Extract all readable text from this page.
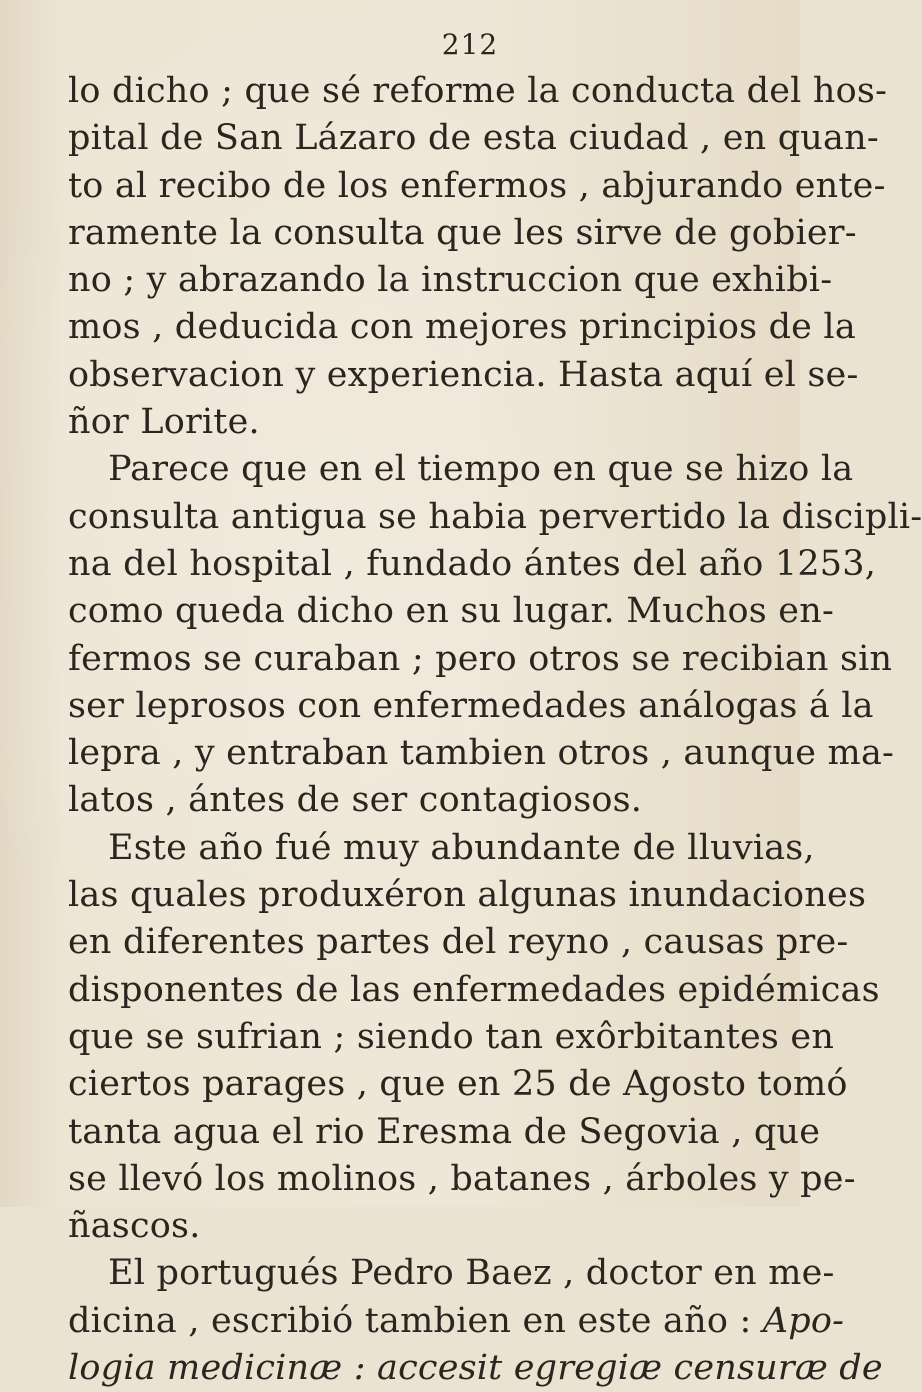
212
lo dicho ; que sé reforme la conducta del hos-
pital de San Lázaro de esta ciudad , en quan-
to al recibo de los enfermos , abjurando ente-
ramente la consulta que les sirve de gobier-
no ; y abrazando la instruccion que exhibi-
mos , deducida con mejores principios de la
observacion y experiencia. Hasta aquí el se-
ñor Lorite.
Parece que en el tiempo en que se hizo la
consulta antigua se habia pervertido la discipli-
na del hospital , fundado ántes del año 1253,
como queda dicho en su lugar. Muchos en-
fermos se curaban ; pero otros se recibian sin
ser leprosos con enfermedades análogas á la
lepra , y entraban tambien otros , aunque ma-
latos , ántes de ser contagiosos.
Este año fué muy abundante de lluvias,
las quales produxéron algunas inundaciones
en diferentes partes del reyno , causas pre-
disponentes de las enfermedades epidémicas
que se sufrian ; siendo tan exôrbitantes en
ciertos parages , que en 25 de Agosto tomó
tanta agua el rio Eresma de Segovia , que
se llevó los molinos , batanes , árboles y pe-
ñascos.
El portugués Pedro Baez , doctor en me-
dicina , escribió tambien en este año : Apo-
logia medicinæ : accesit egregiæ censuræ de
